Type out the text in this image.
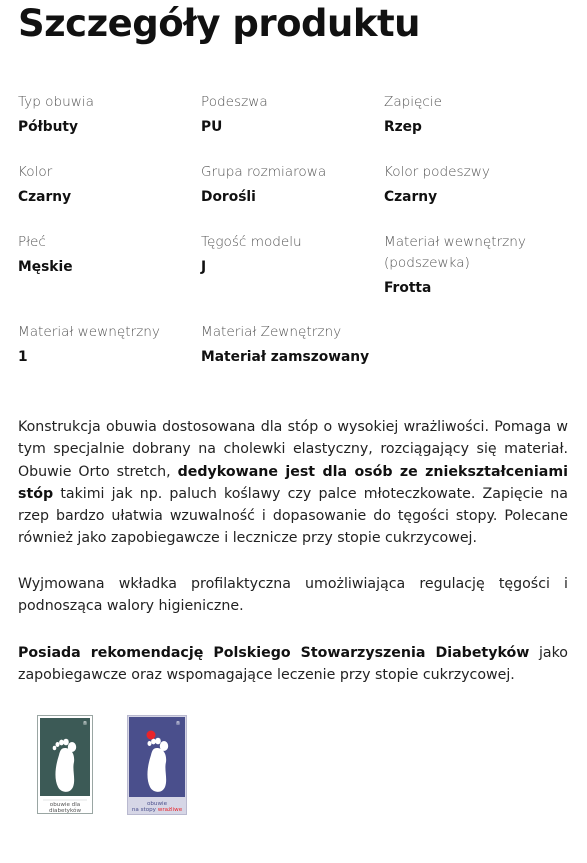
Szczegóły produktu
Typ obuwia
Półbuty
Podeszwa
PU
Zapięcie
Rzep
Kolor
Czarny
Grupa rozmiarowa
Dorośli
Kolor podeszwy
Czarny
Płeć
Męskie
Tęgość modelu
J
Materiał wewnętrzny (podszewka)
Frotta
Materiał wewnętrzny
1
Materiał Zewnętrzny
Materiał zamszowany

Konstrukcja obuwia dostosowana dla stóp o wysokiej wrażliwości. Pomaga w tym specjalnie dobrany na cholewki elastyczny, rozciągający się materiał. Obuwie Orto stretch, dedykowane jest dla osób ze zniekształceniami stóp takimi jak np. paluch koślawy czy palce młoteczkowate. Zapięcie na rzep bardzo ułatwia wzuwalność i dopasowanie do tęgości stopy. Polecane również jako zapobiegawcze i lecznicze przy stopie cukrzycowej.

Wyjmowana wkładka profilaktyczna umożliwiająca regulację tęgości i podnosząca walory higieniczne.

Posiada rekomendację Polskiego Stowarzyszenia Diabetyków jako zapobiegawcze oraz wspomagające leczenie przy stopie cukrzycowej.

®
obuwie dla
diabetyków
®
obuwie
na stopy wrażliwe
